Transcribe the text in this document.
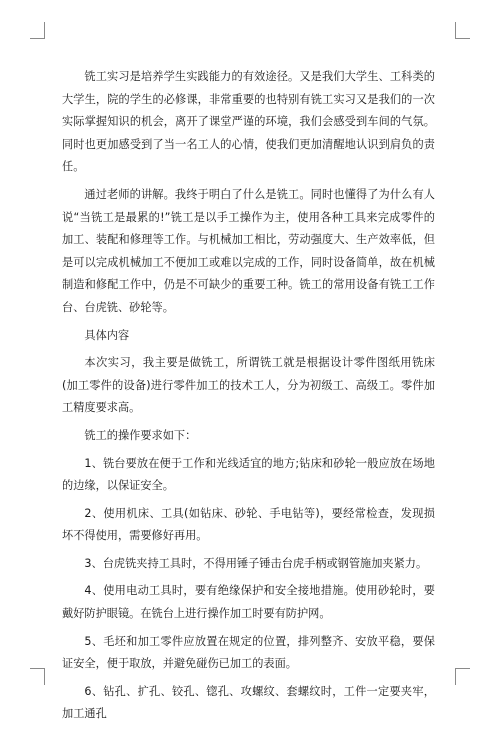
铣工实习是培养学生实践能力的有效途径。又是我们大学生、工科类的大学生，院的学生的必修课，非常重要的也特别有铣工实习又是我们的一次实际掌握知识的机会，离开了课堂严谨的环境，我们会感受到车间的气氛。同时也更加感受到了当一名工人的心情，使我们更加清醒地认识到肩负的责任。

通过老师的讲解。我终于明白了什么是铣工。同时也懂得了为什么有人说“当铣工是最累的!”铣工是以手工操作为主，使用各种工具来完成零件的加工、装配和修理等工作。与机械加工相比，劳动强度大、生产效率低，但是可以完成机械加工不便加工或难以完成的工作，同时设备简单，故在机械制造和修配工作中，仍是不可缺少的重要工种。铣工的常用设备有铣工工作台、台虎铣、砂轮等。

具体内容

本次实习，我主要是做铣工，所谓铣工就是根据设计零件图纸用铣床(加工零件的设备)进行零件加工的技术工人，分为初级工、高级工。零件加工精度要求高。

铣工的操作要求如下：

1、铣台要放在便于工作和光线适宜的地方;钻床和砂轮一般应放在场地的边缘，以保证安全。

2、使用机床、工具(如钻床、砂轮、手电钻等)，要经常检查，发现损坏不得使用，需要修好再用。

3、台虎铣夹持工具时，不得用锤子锤击台虎手柄或钢管施加夹紧力。

4、使用电动工具时，要有绝缘保护和安全接地措施。使用砂轮时，要戴好防护眼镜。在铣台上进行操作加工时要有防护网。

5、毛坯和加工零件应放置在规定的位置，排列整齐、安放平稳，要保证安全，便于取放，并避免碰伤已加工的表面。

6、钻孔、扩孔、铰孔、锪孔、攻螺纹、套螺纹时，工件一定要夹牢，加工通孔
